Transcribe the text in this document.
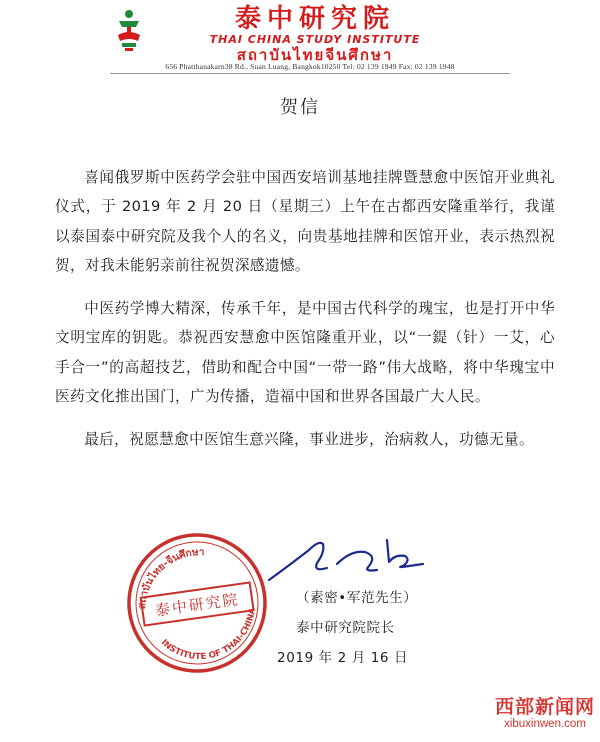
泰中研究院
THAI CHINA STUDY INSTITUTE
สถาบันไทยจีนศึกษา
656 Phatthanakarn38 Rd., Suan Luang, Bangkok10250 Tel: 02 139 1949 Fax: 02 139 1948
贺信

喜闻俄罗斯中医药学会驻中国西安培训基地挂牌暨慧愈中医馆开业典礼仪式，于 2019 年 2 月 20 日（星期三）上午在古都西安隆重举行，我谨以泰国泰中研究院及我个人的名义，向贵基地挂牌和医馆开业，表示热烈祝贺，对我未能躬亲前往祝贺深感遗憾。

中医药学博大精深，传承千年，是中国古代科学的瑰宝，也是打开中华文明宝库的钥匙。恭祝西安慧愈中医馆隆重开业，以“一鍉（针）一艾，心手合一”的高超技艺，借助和配合中国“一带一路”伟大战略，将中华瑰宝中医药文化推出国门，广为传播，造福中国和世界各国最广大人民。

最后，祝愿慧愈中医馆生意兴隆，事业进步，治病救人，功德无量。

สถาบันไทย-จีนศึกษา
泰中研究院
INSTITUTE OF THAI-CHINA
（素密•军范先生）
泰中研究院院长
2019 年 2 月 16 日
西部新闻网
xibuxinwen.com
